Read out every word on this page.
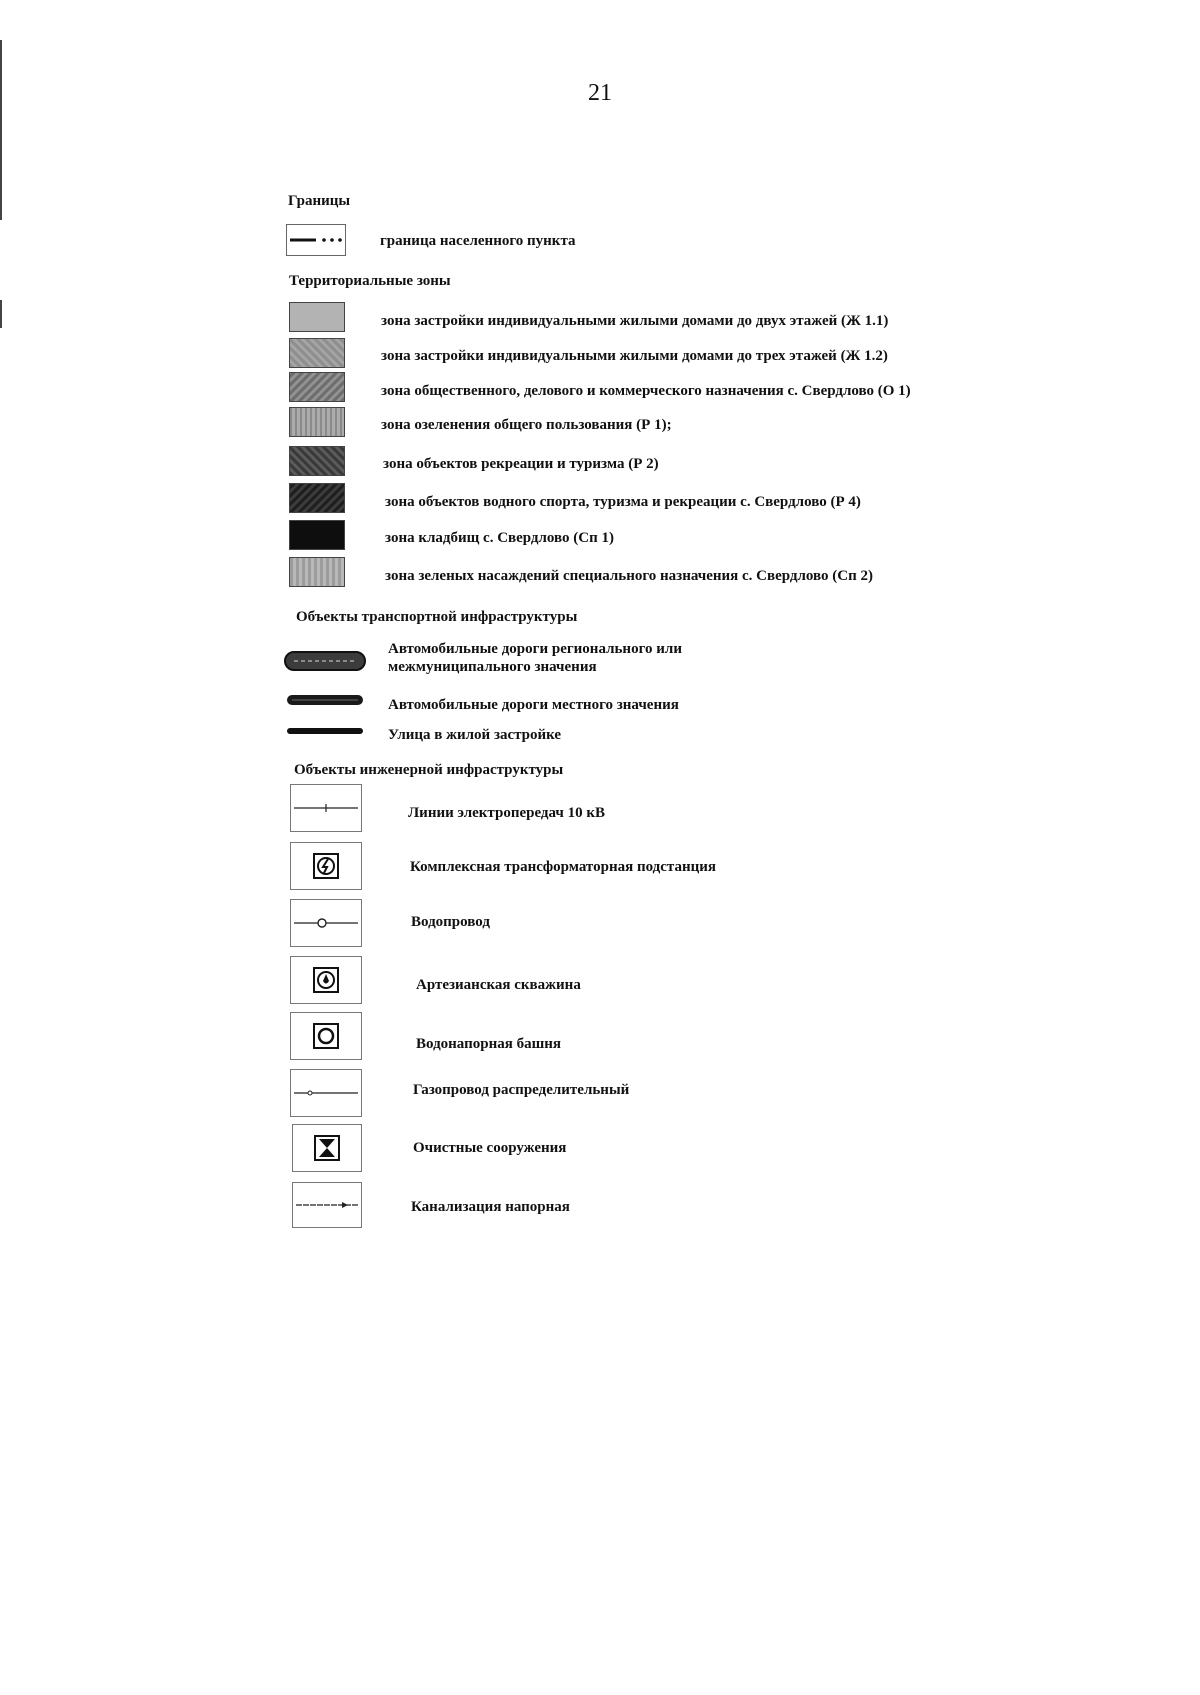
21
Границы
граница населенного пункта
Территориальные зоны
зона застройки индивидуальными жилыми домами до двух этажей (Ж 1.1)
зона застройки индивидуальными жилыми домами до трех этажей (Ж 1.2)
зона общественного, делового и коммерческого назначения с. Свердлово (О 1)
зона озеленения общего пользования (Р 1);
зона объектов рекреации и туризма (Р 2)
зона объектов водного спорта, туризма и рекреации с. Свердлово (Р 4)
зона кладбищ с. Свердлово (Сп 1)
зона зеленых насаждений специального назначения с. Свердлово (Сп 2)
Объекты транспортной инфраструктуры
Автомобильные дороги регионального или
межмуниципального значения
Автомобильные дороги местного значения
Улица в жилой застройке
Объекты инженерной инфраструктуры
Линии электропередач 10 кВ
Комплексная трансформаторная подстанция
Водопровод
Артезианская скважина
Водонапорная башня
Газопровод распределительный
Очистные сооружения
Канализация напорная
